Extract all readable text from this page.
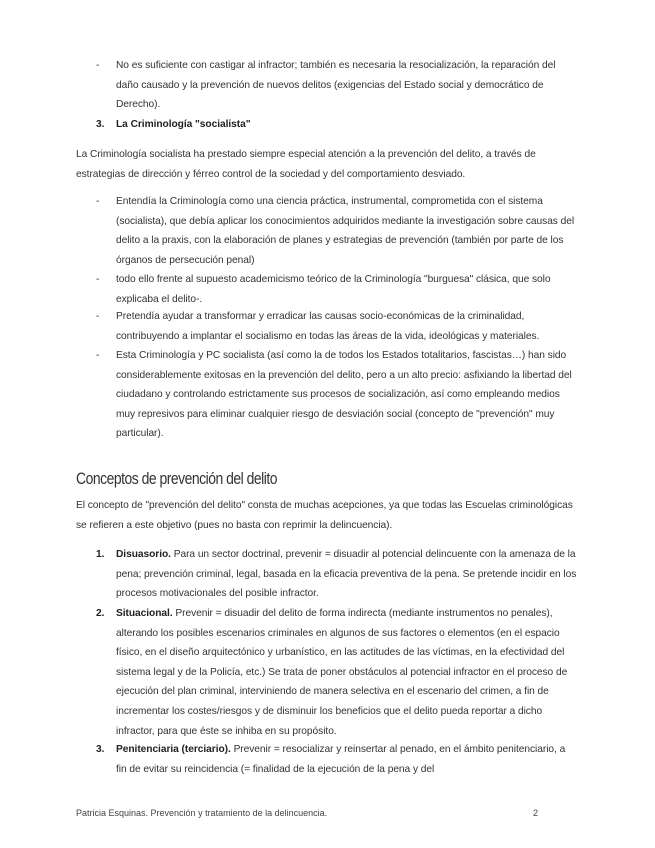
- No es suficiente con castigar al infractor; también es necesaria la resocialización, la reparación del daño causado y la prevención de nuevos delitos (exigencias del Estado social y democrático de Derecho).
3. La Criminología "socialista"
La Criminología socialista ha prestado siempre especial atención a la prevención del delito, a través de estrategias de dirección y férreo control de la sociedad y del comportamiento desviado.
- Entendía la Criminología como una ciencia práctica, instrumental, comprometida con el sistema (socialista), que debía aplicar los conocimientos adquiridos mediante la investigación sobre causas del delito a la praxis, con la elaboración de planes y estrategias de prevención (también por parte de los órganos de persecución penal)
- todo ello frente al supuesto academicismo teórico de la Criminología "burguesa" clásica, que solo explicaba el delito-.
- Pretendía ayudar a transformar y erradicar las causas socio-económicas de la criminalidad, contribuyendo a implantar el socialismo en todas las áreas de la vida, ideológicas y materiales.
- Esta Criminología y PC socialista (así como la de todos los Estados totalitarios, fascistas…) han sido considerablemente exitosas en la prevención del delito, pero a un alto precio: asfixiando la libertad del ciudadano y controlando estrictamente sus procesos de socialización, así como empleando medios muy represivos para eliminar cualquier riesgo de desviación social (concepto de "prevención" muy particular).
Conceptos de prevención del delito
El concepto de "prevención del delito" consta de muchas acepciones, ya que todas las Escuelas criminológicas se refieren a este objetivo (pues no basta con reprimir la delincuencia).
1. Disuasorio. Para un sector doctrinal, prevenir = disuadir al potencial delincuente con la amenaza de la pena; prevención criminal, legal, basada en la eficacia preventiva de la pena. Se pretende incidir en los procesos motivacionales del posible infractor.
2. Situacional. Prevenir = disuadir del delito de forma indirecta (mediante instrumentos no penales), alterando los posibles escenarios criminales en algunos de sus factores o elementos (en el espacio físico, en el diseño arquitectónico y urbanístico, en las actitudes de las víctimas, en la efectividad del sistema legal y de la Policía, etc.) Se trata de poner obstáculos al potencial infractor en el proceso de ejecución del plan criminal, interviniendo de manera selectiva en el escenario del crimen, a fin de incrementar los costes/riesgos y de disminuir los beneficios que el delito pueda reportar a dicho infractor, para que éste se inhiba en su propósito.
3. Penitenciaria (terciario). Prevenir = resocializar y reinsertar al penado, en el ámbito penitenciario, a fin de evitar su reincidencia (= finalidad de la ejecución de la pena y del
Patricia Esquinas. Prevención y tratamiento de la delincuencia.	2
